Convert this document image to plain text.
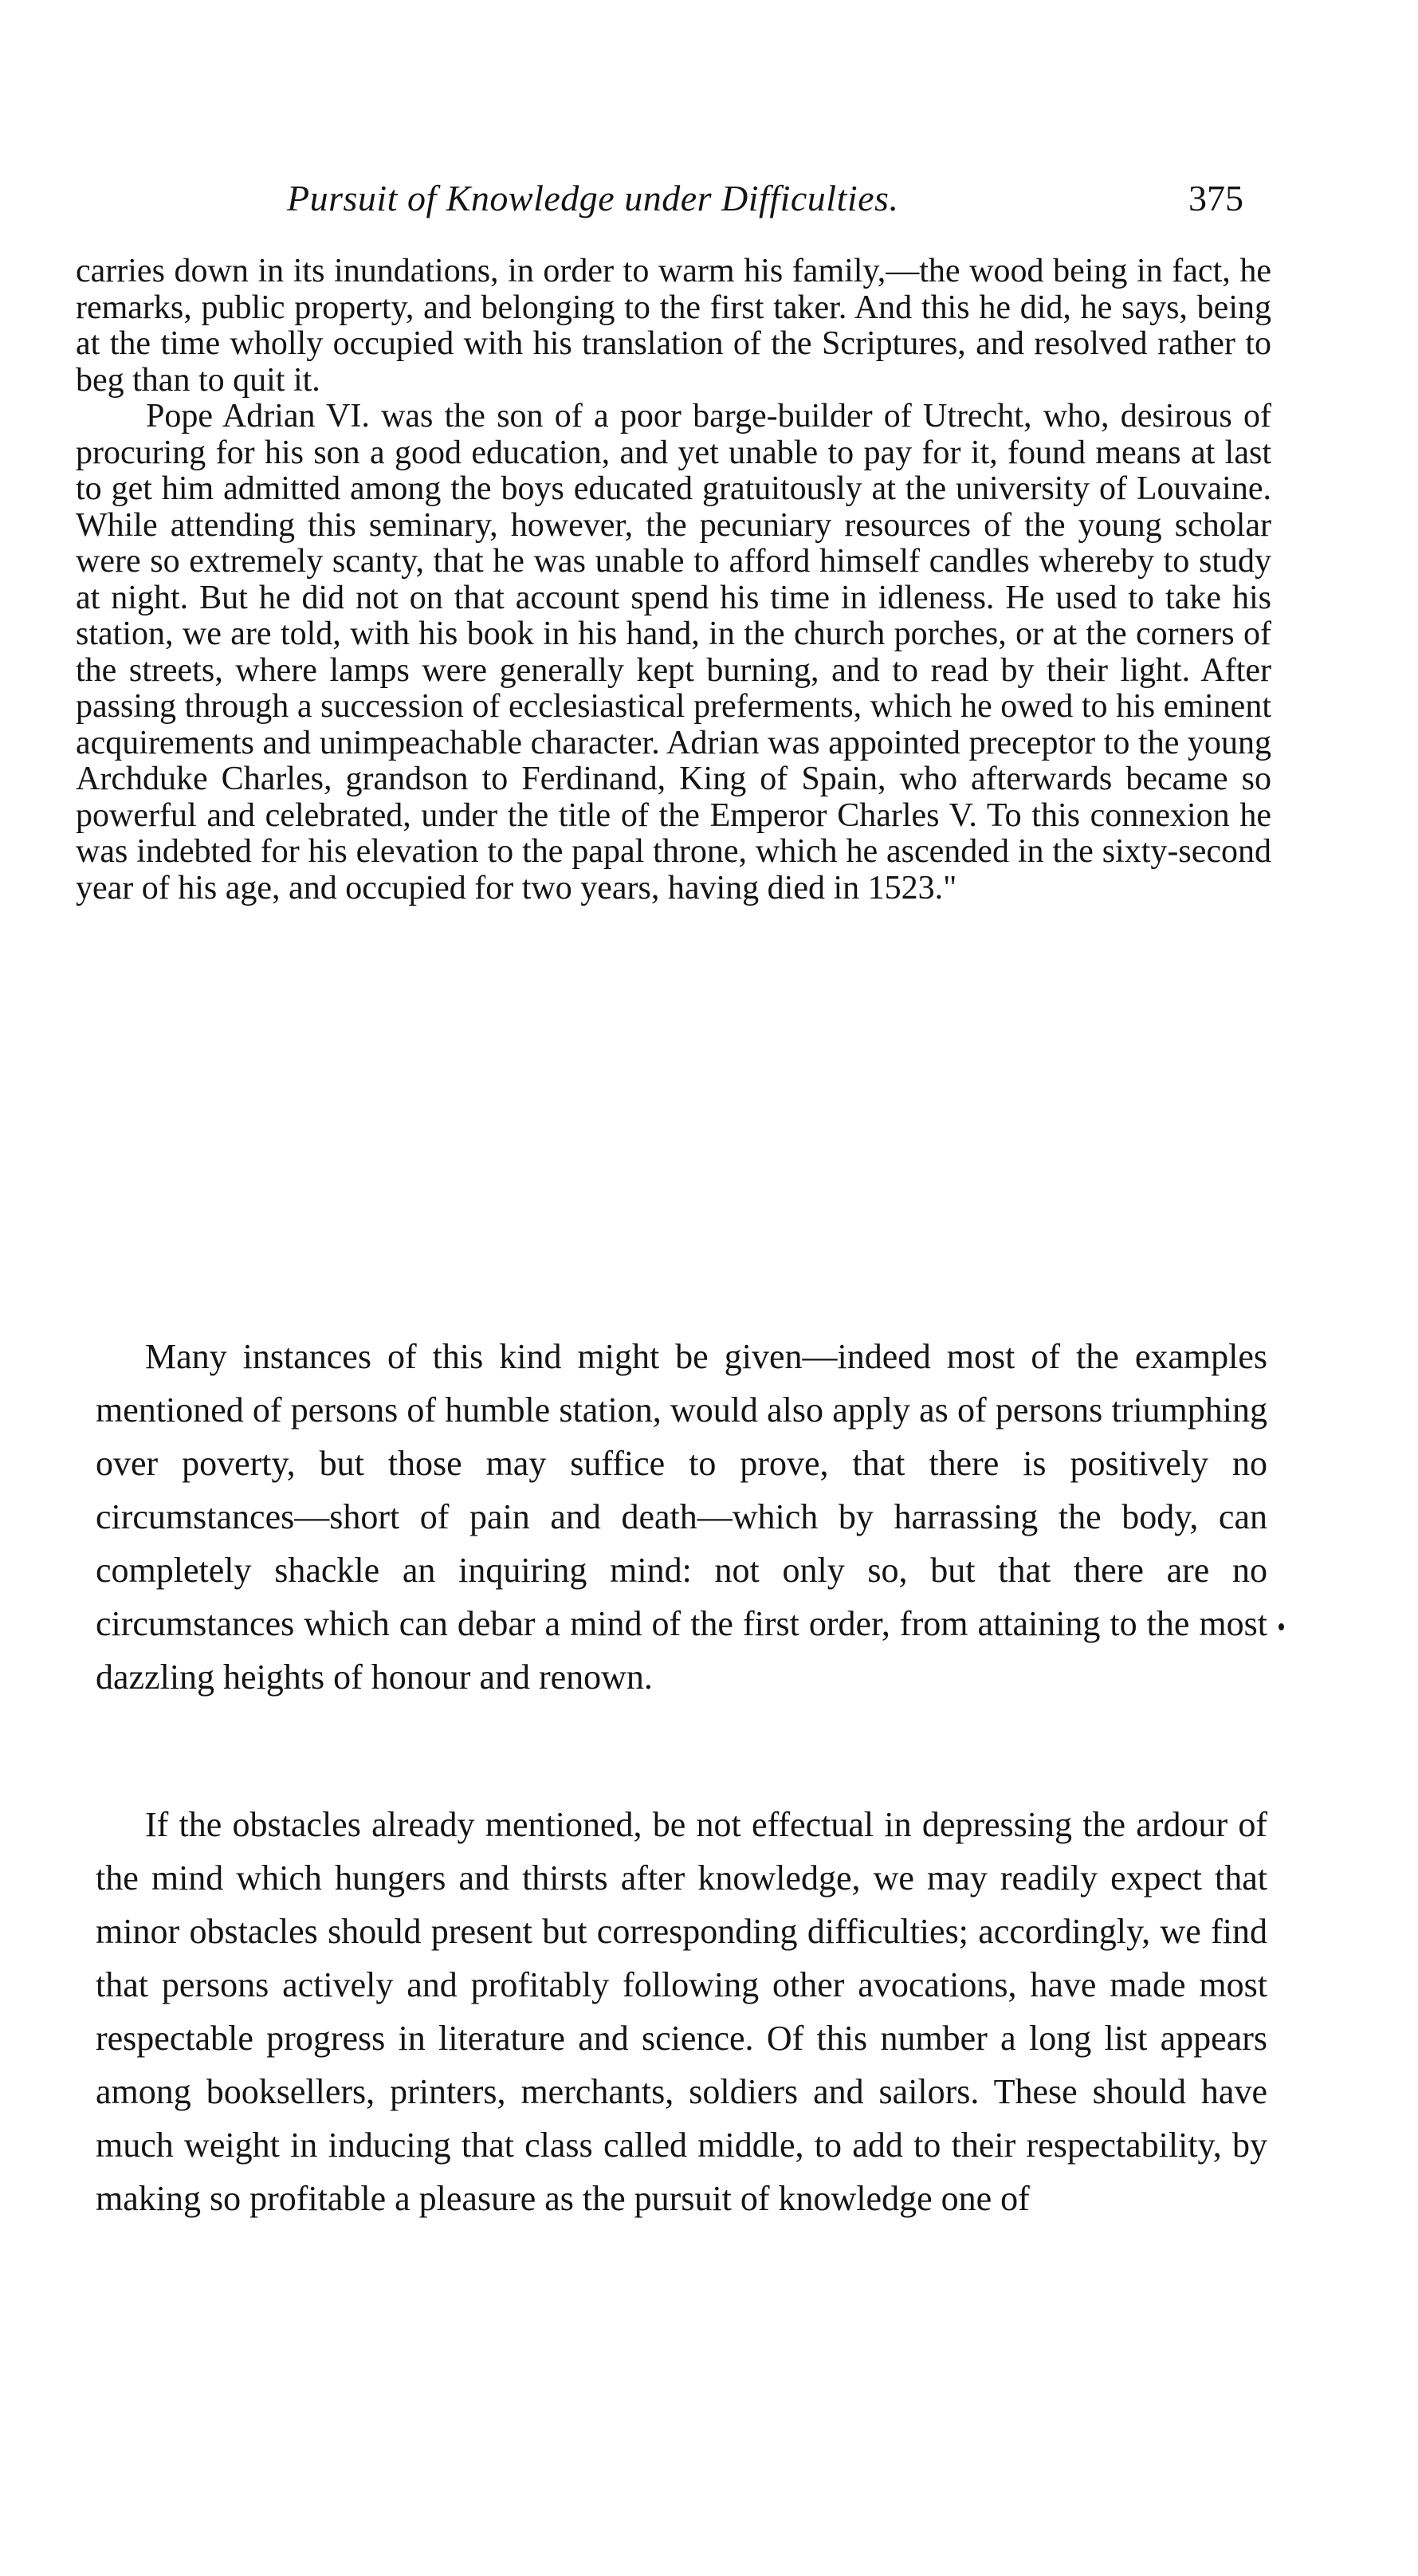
Pursuit of Knowledge under Difficulties.	375

carries down in its inundations, in order to warm his family,—the wood being in fact, he remarks, public property, and belonging to the first taker. And this he did, he says, being at the time wholly occupied with his translation of the Scriptures, and resolved rather to beg than to quit it.

Pope Adrian VI. was the son of a poor barge-builder of Utrecht, who, desirous of procuring for his son a good education, and yet unable to pay for it, found means at last to get him admitted among the boys educated gratuitously at the university of Louvaine. While attending this seminary, however, the pecuniary resources of the young scholar were so extremely scanty, that he was unable to afford himself candles whereby to study at night. But he did not on that account spend his time in idleness. He used to take his station, we are told, with his book in his hand, in the church porches, or at the corners of the streets, where lamps were generally kept burning, and to read by their light. After passing through a succession of ecclesiastical preferments, which he owed to his eminent acquirements and unimpeachable character. Adrian was appointed preceptor to the young Archduke Charles, grandson to Ferdinand, King of Spain, who afterwards became so powerful and celebrated, under the title of the Emperor Charles V. To this connexion he was indebted for his elevation to the papal throne, which he ascended in the sixty-second year of his age, and occupied for two years, having died in 1523."

Many instances of this kind might be given—indeed most of the examples mentioned of persons of humble station, would also apply as of persons triumphing over poverty, but those may suffice to prove, that there is positively no circumstances—short of pain and death—which by harrassing the body, can completely shackle an inquiring mind: not only so, but that there are no circumstances which can debar a mind of the first order, from attaining to the most dazzling heights of honour and renown.

If the obstacles already mentioned, be not effectual in depressing the ardour of the mind which hungers and thirsts after knowledge, we may readily expect that minor obstacles should present but corresponding difficulties; accordingly, we find that persons actively and profitably following other avocations, have made most respectable progress in literature and science. Of this number a long list appears among booksellers, printers, merchants, soldiers and sailors. These should have much weight in inducing that class called middle, to add to their respectability, by making so profitable a pleasure as the pursuit of knowledge one of
